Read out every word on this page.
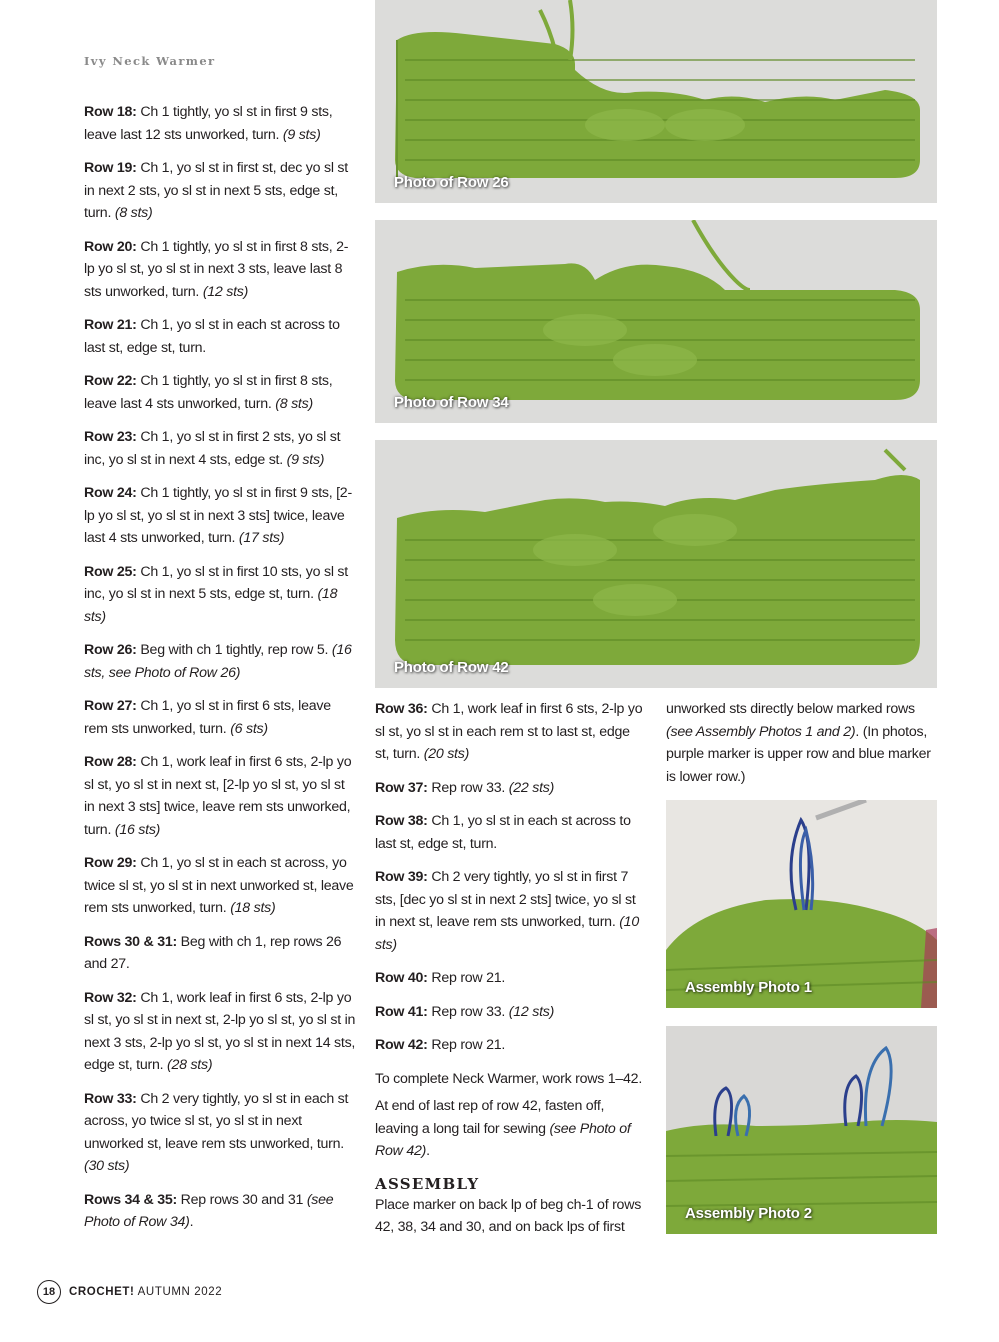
Ivy Neck Warmer

Row 18: Ch 1 tightly, yo sl st in first 9 sts, leave last 12 sts unworked, turn. (9 sts)

Row 19: Ch 1, yo sl st in first st, dec yo sl st in next 2 sts, yo sl st in next 5 sts, edge st, turn. (8 sts)

Row 20: Ch 1 tightly, yo sl st in first 8 sts, 2-lp yo sl st, yo sl st in next 3 sts, leave last 8 sts unworked, turn. (12 sts)

Row 21: Ch 1, yo sl st in each st across to last st, edge st, turn.

Row 22: Ch 1 tightly, yo sl st in first 8 sts, leave last 4 sts unworked, turn. (8 sts)

Row 23: Ch 1, yo sl st in first 2 sts, yo sl st inc, yo sl st in next 4 sts, edge st. (9 sts)

Row 24: Ch 1 tightly, yo sl st in first 9 sts, [2-lp yo sl st, yo sl st in next 3 sts] twice, leave last 4 sts unworked, turn. (17 sts)

Row 25: Ch 1, yo sl st in first 10 sts, yo sl st inc, yo sl st in next 5 sts, edge st, turn. (18 sts)

Row 26: Beg with ch 1 tightly, rep row 5. (16 sts, see Photo of Row 26)

Row 27: Ch 1, yo sl st in first 6 sts, leave rem sts unworked, turn. (6 sts)

Row 28: Ch 1, work leaf in first 6 sts, 2-lp yo sl st, yo sl st in next st, [2-lp yo sl st, yo sl st in next 3 sts] twice, leave rem sts unworked, turn. (16 sts)

Row 29: Ch 1, yo sl st in each st across, yo twice sl st, yo sl st in next unworked st, leave rem sts unworked, turn. (18 sts)

Rows 30 & 31: Beg with ch 1, rep rows 26 and 27.

Row 32: Ch 1, work leaf in first 6 sts, 2-lp yo sl st, yo sl st in next st, 2-lp yo sl st, yo sl st in next 3 sts, 2-lp yo sl st, yo sl st in next 14 sts, edge st, turn. (28 sts)

Row 33: Ch 2 very tightly, yo sl st in each st across, yo twice sl st, yo sl st in next unworked st, leave rem sts unworked, turn. (30 sts)

Rows 34 & 35: Rep rows 30 and 31 (see Photo of Row 34).

Photo of Row 26
Photo of Row 34
Photo of Row 42

Row 36: Ch 1, work leaf in first 6 sts, 2-lp yo sl st, yo sl st in each rem st to last st, edge st, turn. (20 sts)

Row 37: Rep row 33. (22 sts)

Row 38: Ch 1, yo sl st in each st across to last st, edge st, turn.

Row 39: Ch 2 very tightly, yo sl st in first 7 sts, [dec yo sl st in next 2 sts] twice, yo sl st in next st, leave rem sts unworked, turn. (10 sts)

Row 40: Rep row 21.

Row 41: Rep row 33. (12 sts)

Row 42: Rep row 21.

To complete Neck Warmer, work rows 1–42.

At end of last rep of row 42, fasten off, leaving a long tail for sewing (see Photo of Row 42).

ASSEMBLY

Place marker on back lp of beg ch-1 of rows 42, 38, 34 and 30, and on back lps of first

unworked sts directly below marked rows (see Assembly Photos 1 and 2). (In photos, purple marker is upper row and blue marker is lower row.)

Assembly Photo 1
Assembly Photo 2
18	CROCHET! AUTUMN 2022
